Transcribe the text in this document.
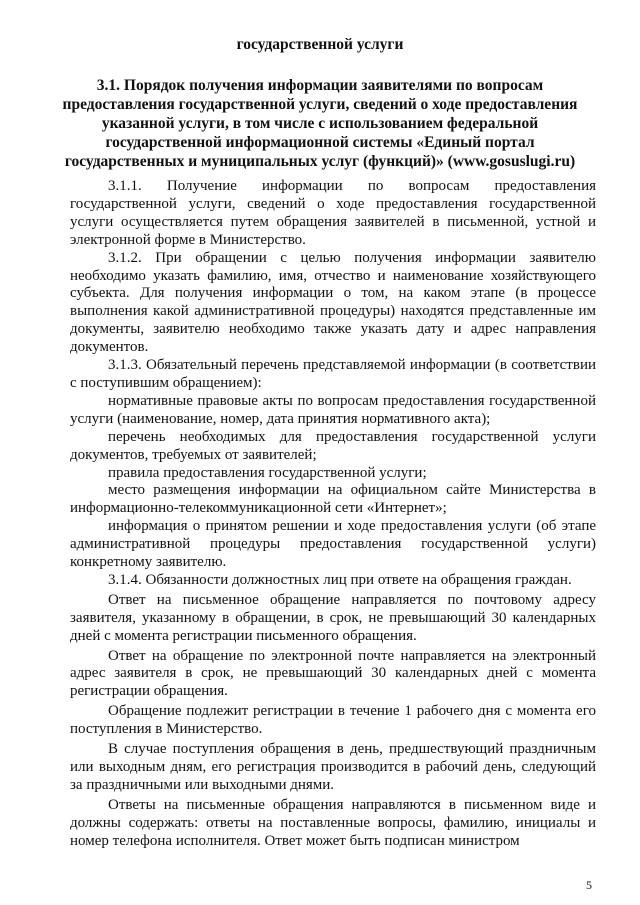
государственной услуги
3.1. Порядок получения информации заявителями по вопросам предоставления государственной услуги, сведений о ходе предоставления указанной услуги, в том числе с использованием федеральной государственной информационной системы «Единый портал государственных и муниципальных услуг (функций)» (www.gosuslugi.ru)

3.1.1. Получение информации по вопросам предоставления государственной услуги, сведений о ходе предоставления государственной услуги осуществляется путем обращения заявителей в письменной, устной и электронной форме в Министерство.

3.1.2. При обращении с целью получения информации заявителю необходимо указать фамилию, имя, отчество и наименование хозяйствующего субъекта. Для получения информации о том, на каком этапе (в процессе выполнения какой административной процедуры) находятся представленные им документы, заявителю необходимо также указать дату и адрес направления документов.

3.1.3. Обязательный перечень представляемой информации (в соответствии с поступившим обращением):

нормативные правовые акты по вопросам предоставления государственной услуги (наименование, номер, дата принятия нормативного акта);

перечень необходимых для предоставления государственной услуги документов, требуемых от заявителей;

правила предоставления государственной услуги;

место размещения информации на официальном сайте Министерства в информационно-телекоммуникационной сети «Интернет»;

информация о принятом решении и ходе предоставления услуги (об этапе административной процедуры предоставления государственной услуги) конкретному заявителю.

3.1.4. Обязанности должностных лиц при ответе на обращения граждан.

Ответ на письменное обращение направляется по почтовому адресу заявителя, указанному в обращении, в срок, не превышающий 30 календарных дней с момента регистрации письменного обращения.

Ответ на обращение по электронной почте направляется на электронный адрес заявителя в срок, не превышающий 30 календарных дней с момента регистрации обращения.

Обращение подлежит регистрации в течение 1 рабочего дня с момента его поступления в Министерство.

В случае поступления обращения в день, предшествующий праздничным или выходным дням, его регистрация производится в рабочий день, следующий за праздничными или выходными днями.

Ответы на письменные обращения направляются в письменном виде и должны содержать: ответы на поставленные вопросы, фамилию, инициалы и номер телефона исполнителя. Ответ может быть подписан министром

5
